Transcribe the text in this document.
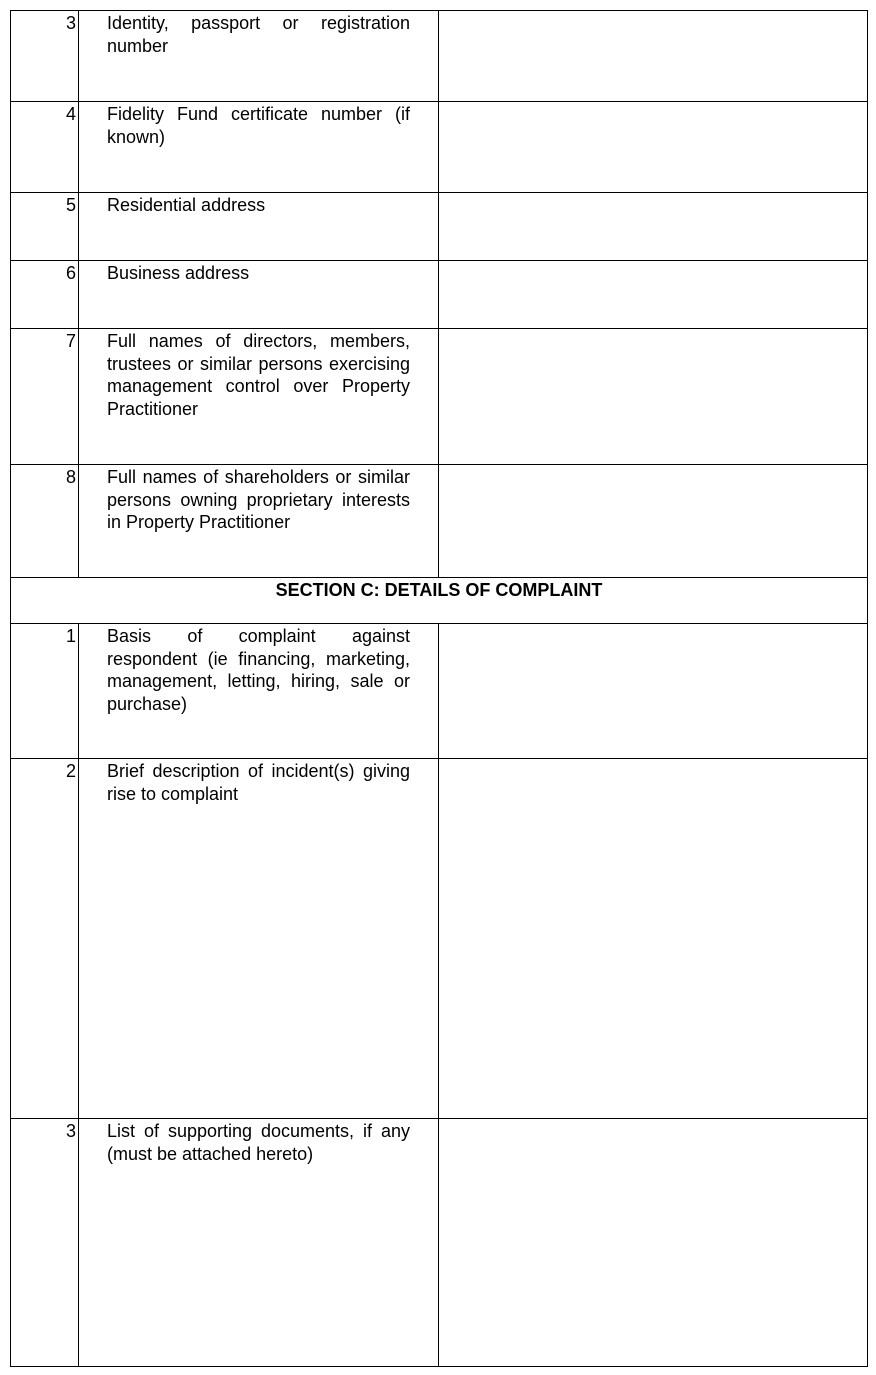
3	Identity, passport or registration number	

4	Fidelity Fund certificate number (if known)	

5	Residential address	

6	Business address	

7	Full names of directors, members, trustees or similar persons exercising management control over Property Practitioner	

8	Full names of shareholders or similar persons owning proprietary interests in Property Practitioner	

SECTION C: DETAILS OF COMPLAINT		
1	Basis of complaint against respondent (ie financing, marketing, management, letting, hiring, sale or purchase)	

2	Brief description of incident(s) giving rise to complaint	

3	List of supporting documents, if any (must be attached hereto)	
